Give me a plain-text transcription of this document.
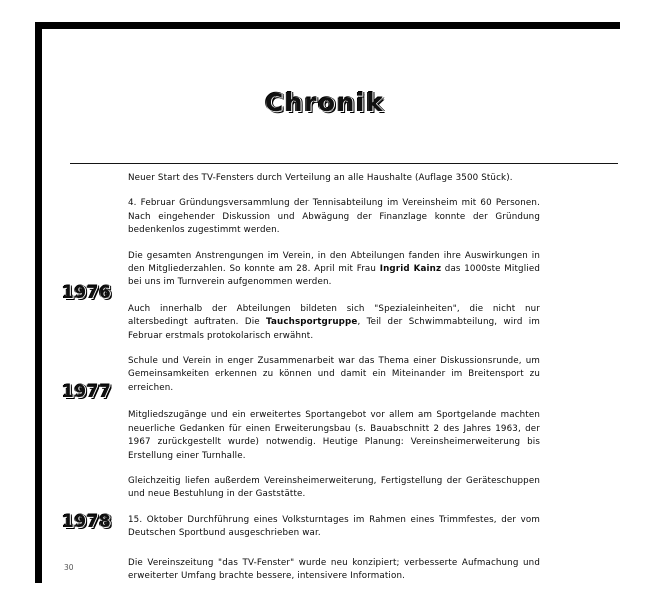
Chronik
1976
1977
1978

Neuer Start des TV-Fensters durch Verteilung an alle Haushalte (Auflage 3500 Stück).

4. Februar Gründungsversammlung der Tennisabteilung im Vereinsheim mit 60 Personen. Nach eingehender Diskussion und Abwägung der Finanzlage konnte der Gründung bedenkenlos zugestimmt werden.

Die gesamten Anstrengungen im Verein, in den Abteilungen fanden ihre Auswirkungen in den Mitgliederzahlen. So konnte am 28. April mit Frau Ingrid Kainz das 1000ste Mitglied bei uns im Turnverein aufgenommen werden.

Auch innerhalb der Abteilungen bildeten sich "Spezialeinheiten", die nicht nur altersbedingt auftraten. Die Tauchsportgruppe, Teil der Schwimmabteilung, wird im Februar erstmals protokolarisch erwähnt.

Schule und Verein in enger Zusammenarbeit war das Thema einer Diskussionsrunde, um Gemeinsamkeiten erkennen zu können und damit ein Miteinander im Breitensport zu erreichen.

Mitgliedszugänge und ein erweitertes Sportangebot vor allem am Sportgelande machten neuerliche Gedanken für einen Erweiterungsbau (s. Bauabschnitt 2 des Jahres 1963, der 1967 zurückgestellt wurde) notwendig. Heutige Planung: Vereinsheimerweiterung bis Erstellung einer Turnhalle.

Gleichzeitig liefen außerdem Vereinsheimerweiterung, Fertigstellung der Geräteschuppen und neue Bestuhlung in der Gaststätte.

15. Oktober Durchführung eines Volksturntages im Rahmen eines Trimmfestes, der vom Deutschen Sportbund ausgeschrieben war.

Die Vereinszeitung "das TV-Fenster" wurde neu konzipiert; verbesserte Aufmachung und erweiterter Umfang brachte bessere, intensivere Information.

30
